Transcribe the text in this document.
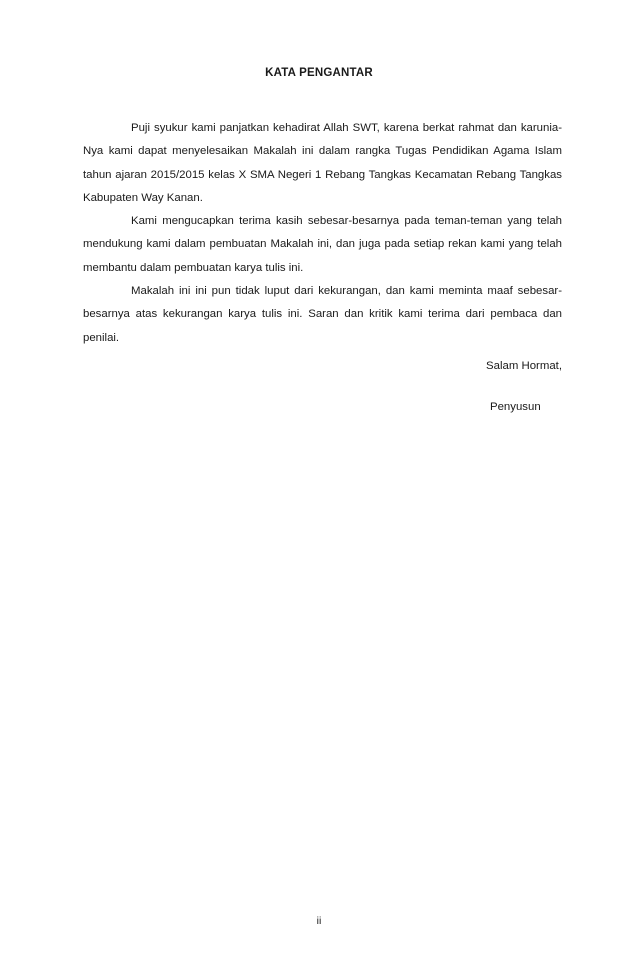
KATA PENGANTAR

Puji syukur kami panjatkan kehadirat Allah SWT, karena berkat rahmat dan karunia-Nya kami dapat menyelesaikan Makalah ini dalam rangka Tugas Pendidikan Agama Islam tahun ajaran 2015/2015 kelas X SMA Negeri 1 Rebang Tangkas Kecamatan Rebang Tangkas Kabupaten Way Kanan.

Kami mengucapkan terima kasih sebesar-besarnya pada teman-teman yang telah mendukung kami dalam pembuatan Makalah ini, dan juga pada setiap rekan kami yang telah membantu dalam pembuatan karya tulis ini.

Makalah ini ini pun tidak luput dari kekurangan, dan kami meminta maaf sebesar-besarnya atas kekurangan karya tulis ini. Saran dan kritik kami terima dari pembaca dan penilai.

Salam Hormat,
Penyusun
ii
